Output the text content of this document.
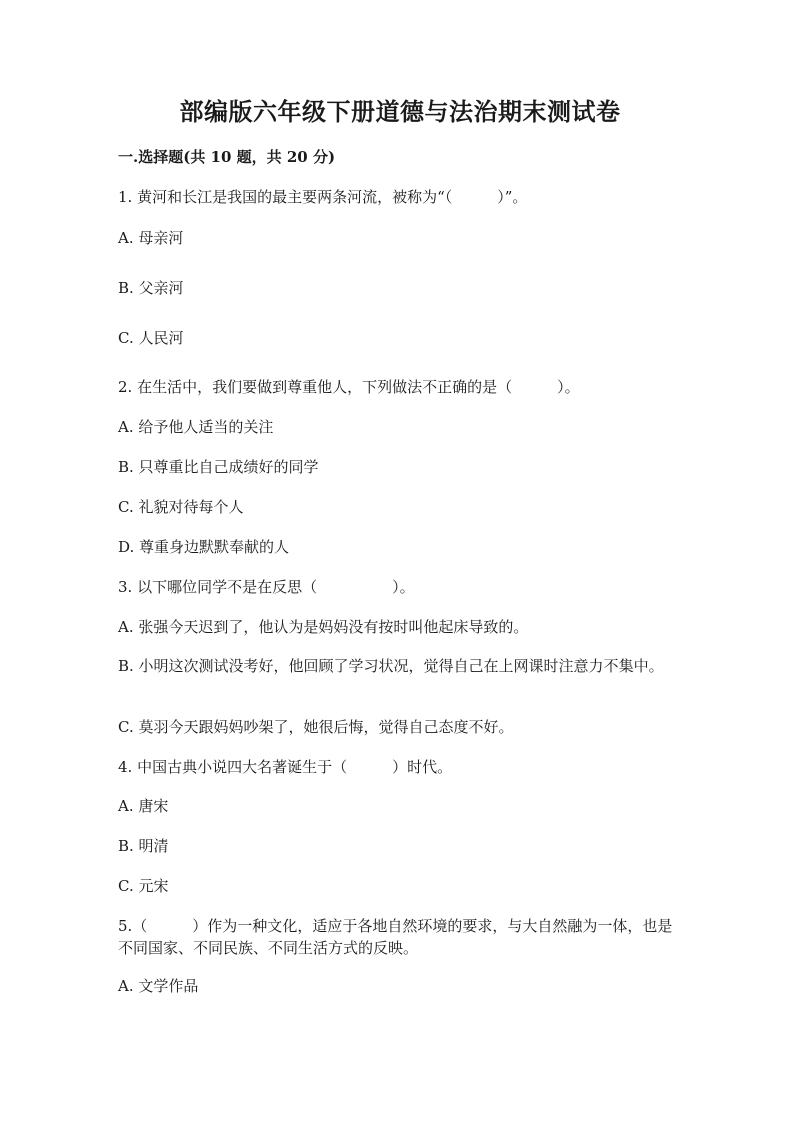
部编版六年级下册道德与法治期末测试卷
一.选择题(共 10 题，共 20 分)
1. 黄河和长江是我国的最主要两条河流，被称为“（　　　）”。
A. 母亲河
B. 父亲河
C. 人民河
2. 在生活中，我们要做到尊重他人，下列做法不正确的是（　　　）。
A. 给予他人适当的关注
B. 只尊重比自己成绩好的同学
C. 礼貌对待每个人
D. 尊重身边默默奉献的人
3. 以下哪位同学不是在反思（　　　　　）。
A. 张强今天迟到了，他认为是妈妈没有按时叫他起床导致的。
B. 小明这次测试没考好，他回顾了学习状况，觉得自己在上网课时注意力不集中。
C. 莫羽今天跟妈妈吵架了，她很后悔，觉得自己态度不好。
4. 中国古典小说四大名著诞生于（　　　）时代。
A. 唐宋
B. 明清
C. 元宋
5.（　　　）作为一种文化，适应于各地自然环境的要求，与大自然融为一体，也是不同国家、不同民族、不同生活方式的反映。
A. 文学作品
